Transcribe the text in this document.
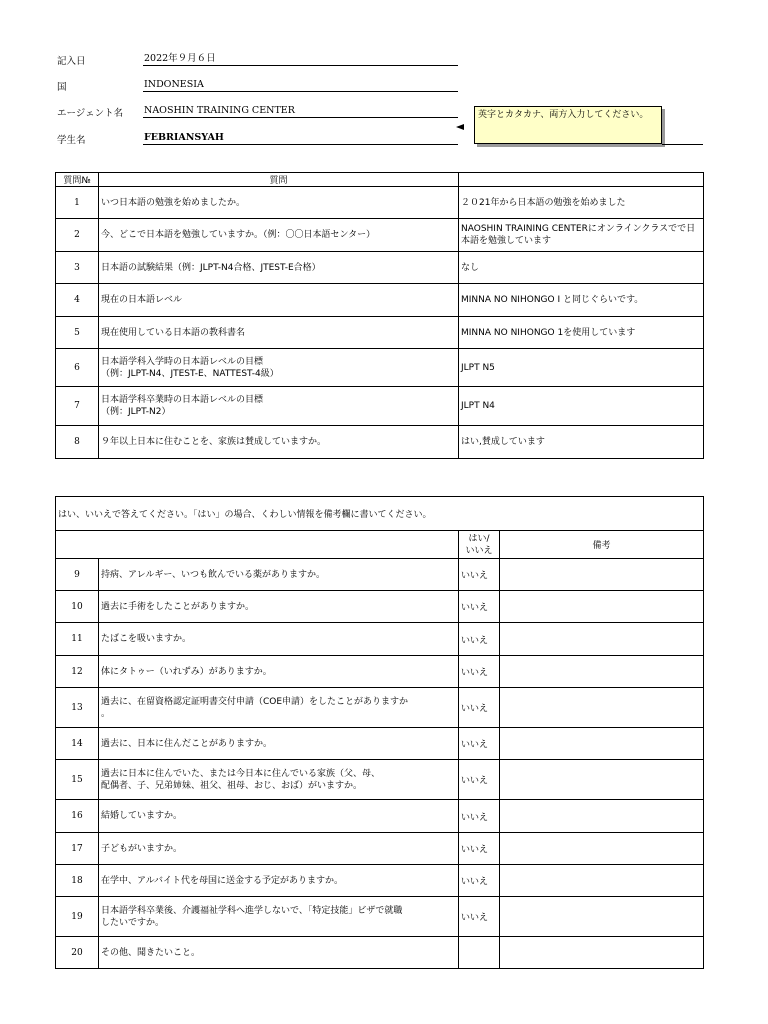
記入日	2022年９月６日
国	INDONESIA
エージェント名 NAOSHIN TRAINING CENTER
学生名	FEBRIANSYAH
英字とカタカナ、両方入力してください。
質問№	質問	
1	いつ日本語の勉強を始めましたか。	２０21年から日本語の勉強を始めました
2	今、どこで日本語を勉強していますか。（例：〇〇日本語センター）	NAOSHIN TRAINING CENTERにオンラインクラスでで日本語を勉強しています
3	日本語の試験結果（例：JLPT-N4合格、JTEST-E合格）	なし
4	現在の日本語レベル	MINNA NO NIHONGO I と同じぐらいです。
5	現在使用している日本語の教科書名	MINNA NO NIHONGO 1を使用しています
6	日本語学科入学時の日本語レベルの目標
（例：JLPT-N4、JTEST-E、NATTEST-4級）	JLPT N5
7	日本語学科卒業時の日本語レベルの目標
（例：JLPT-N2）	JLPT N4
8	９年以上日本に住むことを、家族は賛成していますか。	はい,賛成しています
はい、いいえで答えてください。「はい」の場合、くわしい情報を備考欄に書いてください。			
		はい/
いいえ	備考
9	持病、アレルギー、いつも飲んでいる薬がありますか。	いいえ	
10	過去に手術をしたことがありますか。	いいえ	
11	たばこを吸いますか。	いいえ	
12	体にタトゥー（いれずみ）がありますか。	いいえ	
13	過去に、在留資格認定証明書交付申請（COE申請）をしたことがありますか
。	いいえ	
14	過去に、日本に住んだことがありますか。	いいえ	
15	過去に日本に住んでいた、または今日本に住んでいる家族（父、母、
配偶者、子、兄弟姉妹、祖父、祖母、おじ、おば）がいますか。	いいえ	
16	結婚していますか。	いいえ	
17	子どもがいますか。	いいえ	
18	在学中、アルバイト代を母国に送金する予定がありますか。	いいえ	
19	日本語学科卒業後、介護福祉学科へ進学しないで、「特定技能」ビザで就職
したいですか。	いいえ	
20	その他、聞きたいこと。		
